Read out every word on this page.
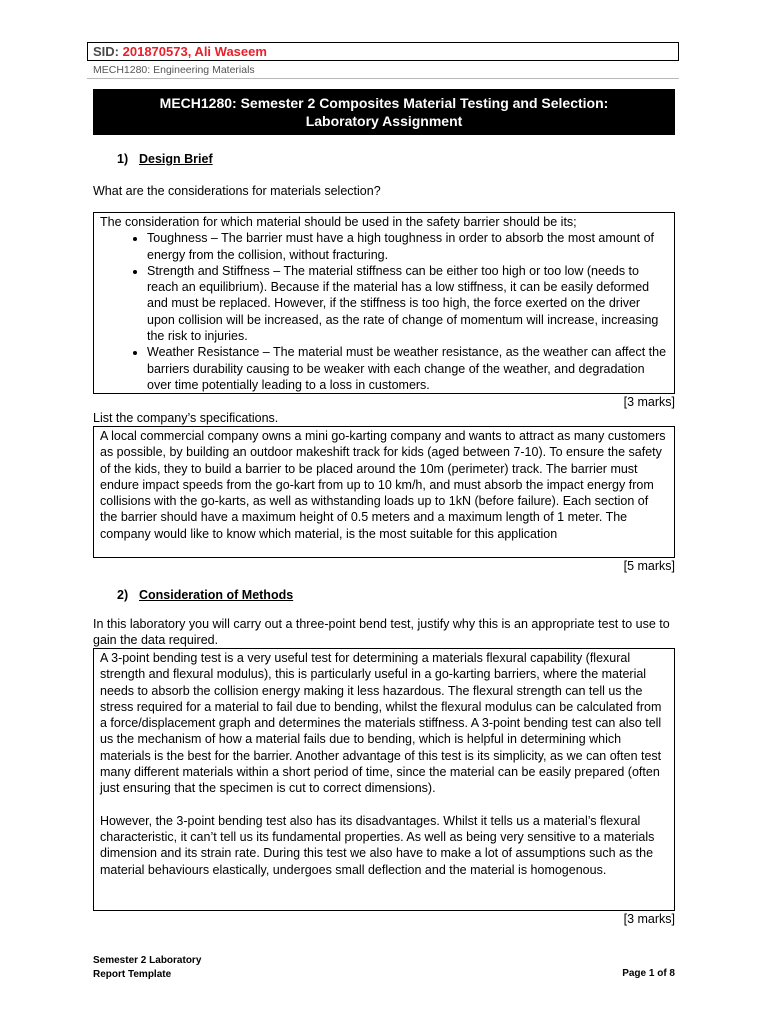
SID: 201870573, Ali Waseem
MECH1280: Engineering Materials
MECH1280: Semester 2 Composites Material Testing and Selection:
Laboratory Assignment
1) Design Brief
What are the considerations for materials selection?

The consideration for which material should be used in the safety barrier should be its;

• Toughness – The barrier must have a high toughness in order to absorb the most amount of energy from the collision, without fracturing.
• Strength and Stiffness – The material stiffness can be either too high or too low (needs to reach an equilibrium). Because if the material has a low stiffness, it can be easily deformed and must be replaced. However, if the stiffness is too high, the force exerted on the driver upon collision will be increased, as the rate of change of momentum will increase, increasing the risk to injuries.
• Weather Resistance – The material must be weather resistance, as the weather can affect the barriers durability causing to be weaker with each change of the weather, and degradation over time potentially leading to a loss in customers.
[3 marks]
List the company’s specifications.

A local commercial company owns a mini go-karting company and wants to attract as many customers as possible, by building an outdoor makeshift track for kids (aged between 7-10). To ensure the safety of the kids, they to build a barrier to be placed around the 10m (perimeter) track. The barrier must endure impact speeds from the go-kart from up to 10 km/h, and must absorb the impact energy from collisions with the go-karts, as well as withstanding loads up to 1kN (before failure). Each section of the barrier should have a maximum height of 0.5 meters and a maximum length of 1 meter. The company would like to know which material, is the most suitable for this application

[5 marks]
2) Consideration of Methods
In this laboratory you will carry out a three-point bend test, justify why this is an appropriate test to use to gain the data required.

A 3-point bending test is a very useful test for determining a materials flexural capability (flexural strength and flexural modulus), this is particularly useful in a go-karting barriers, where the material needs to absorb the collision energy making it less hazardous. The flexural strength can tell us the stress required for a material to fail due to bending, whilst the flexural modulus can be calculated from a force/displacement graph and determines the materials stiffness. A 3-point bending test can also tell us the mechanism of how a material fails due to bending, which is helpful in determining which materials is the best for the barrier. Another advantage of this test is its simplicity, as we can often test many different materials within a short period of time, since the material can be easily prepared (often just ensuring that the specimen is cut to correct dimensions).

However, the 3-point bending test also has its disadvantages. Whilst it tells us a material’s flexural characteristic, it can’t tell us its fundamental properties. As well as being very sensitive to a materials dimension and its strain rate. During this test we also have to make a lot of assumptions such as the material behaviours elastically, undergoes small deflection and the material is homogenous.

[3 marks]
Semester 2 Laboratory
Report Template	Page 1 of 8
